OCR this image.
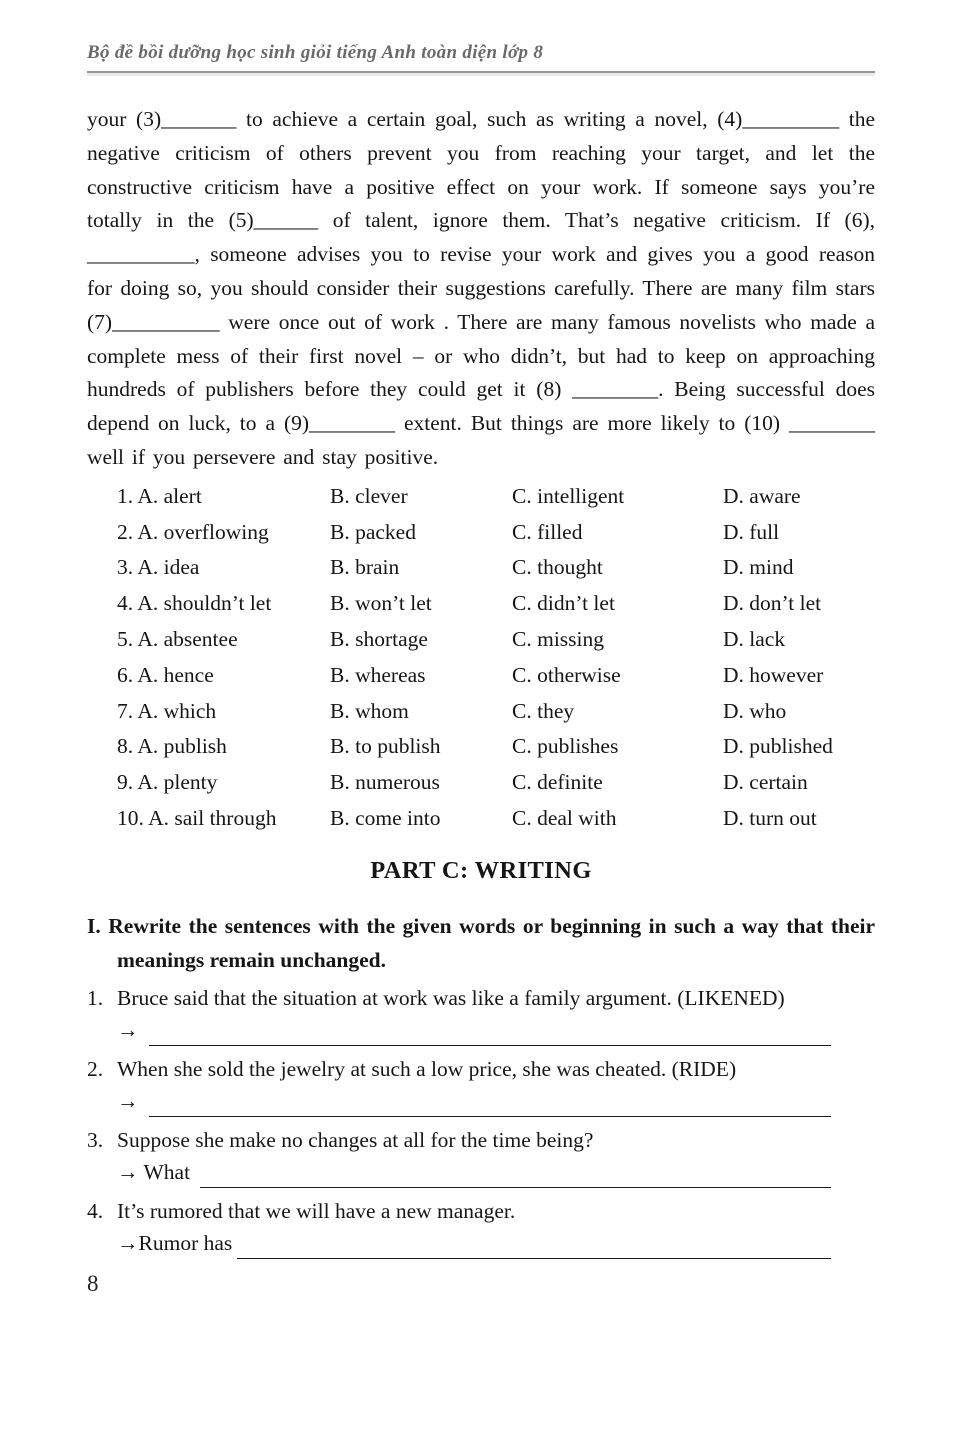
Bộ đề bồi dưỡng học sinh giỏi tiếng Anh toàn diện lớp 8

your (3)_______ to achieve a certain goal, such as writing a novel, (4)_________ the negative criticism of others prevent you from reaching your target, and let the constructive criticism have a positive effect on your work. If someone says you’re totally in the (5)______ of talent, ignore them. That’s negative criticism. If (6), __________, someone advises you to revise your work and gives you a good reason for doing so, you should consider their suggestions carefully. There are many film stars (7)__________ were once out of work . There are many famous novelists who made a complete mess of their first novel – or who didn’t, but had to keep on approaching hundreds of publishers before they could get it (8) ________. Being successful does depend on luck, to a (9)________ extent. But things are more likely to (10) ________ well if you persevere and stay positive.

1. A. alert	B. clever	C. intelligent	D. aware
2. A. overflowing	B. packed	C. filled	D. full
3. A. idea	B. brain	C. thought	D. mind
4. A. shouldn’t let	B. won’t let	C. didn’t let	D. don’t let
5. A. absentee	B. shortage	C. missing	D. lack
6. A. hence	B. whereas	C. otherwise	D. however
7. A. which	B. whom	C. they	D. who
8. A. publish	B. to publish	C. publishes	D. published
9. A. plenty	B. numerous	C. definite	D. certain
10. A. sail through	B. come into	C. deal with	D. turn out
PART C: WRITING

I. Rewrite the sentences with the given words or beginning in such a way that their meanings remain unchanged.

1. Bruce said that the situation at work was like a family argument. (LIKENED)
→
2. When she sold the jewelry at such a low price, she was cheated. (RIDE)
→
3. Suppose she make no changes at all for the time being?
→ What
4. It’s rumored that we will have a new manager.
→Rumor has
8
